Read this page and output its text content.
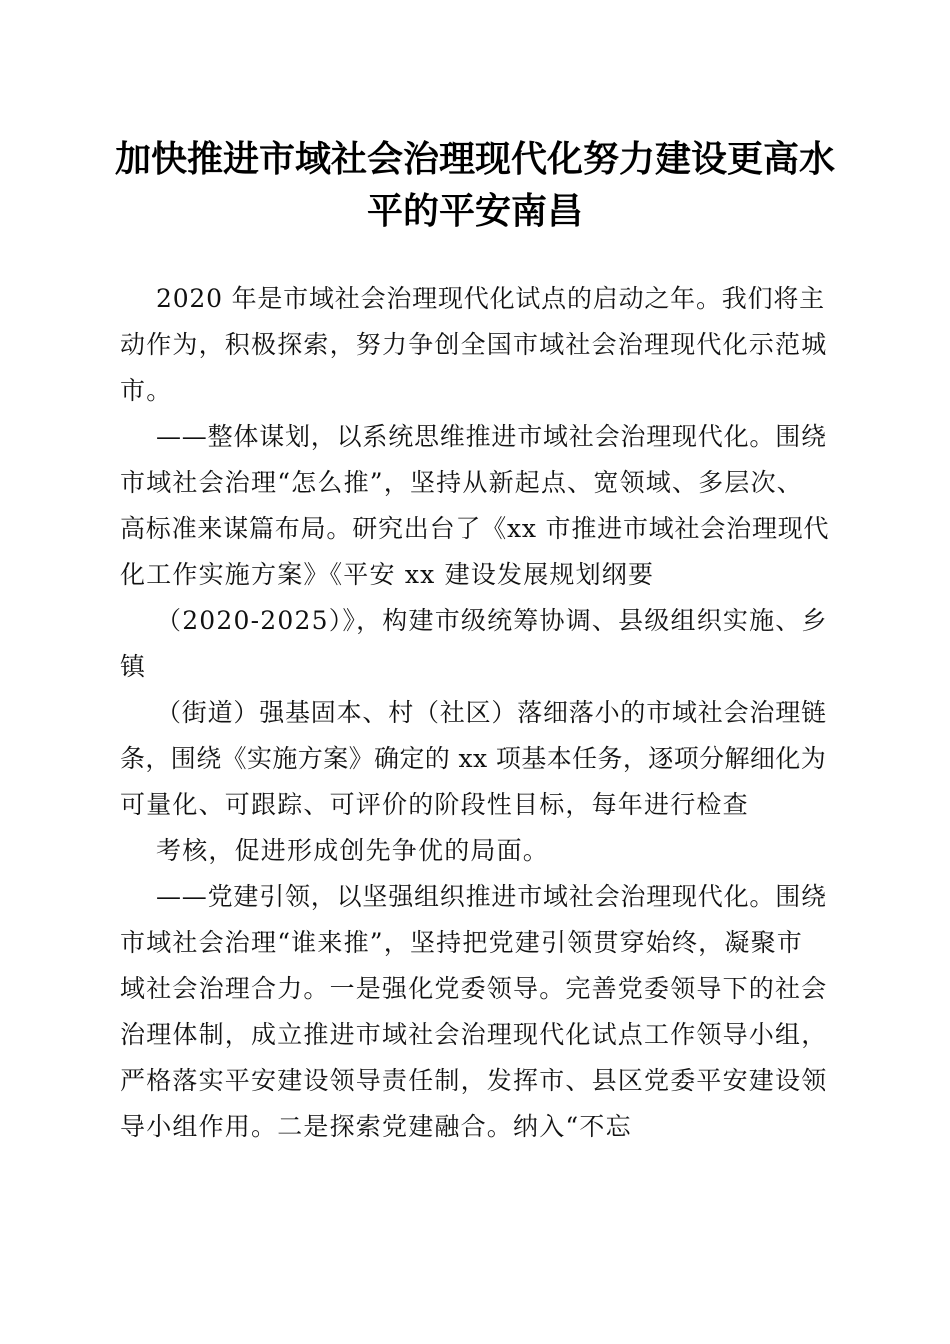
加快推进市域社会治理现代化努力建设更高水
平的平安南昌
2020 年是市域社会治理现代化试点的启动之年。我们将主
动作为，积极探索，努力争创全国市域社会治理现代化示范城
市。
——整体谋划，以系统思维推进市域社会治理现代化。围绕
市域社会治理“怎么推”，坚持从新起点、宽领域、多层次、
高标准来谋篇布局。研究出台了《xx 市推进市域社会治理现代
化工作实施方案》《平安 xx 建设发展规划纲要
（2020-2025）》，构建市级统筹协调、县级组织实施、乡
镇
（街道）强基固本、村（社区）落细落小的市域社会治理链
条，围绕《实施方案》确定的 xx 项基本任务，逐项分解细化为
可量化、可跟踪、可评价的阶段性目标，每年进行检查
考核，促进形成创先争优的局面。
——党建引领，以坚强组织推进市域社会治理现代化。围绕
市域社会治理“谁来推”，坚持把党建引领贯穿始终，凝聚市
域社会治理合力。一是强化党委领导。完善党委领导下的社会
治理体制，成立推进市域社会治理现代化试点工作领导小组，
严格落实平安建设领导责任制，发挥市、县区党委平安建设领
导小组作用。二是探索党建融合。纳入“不忘
